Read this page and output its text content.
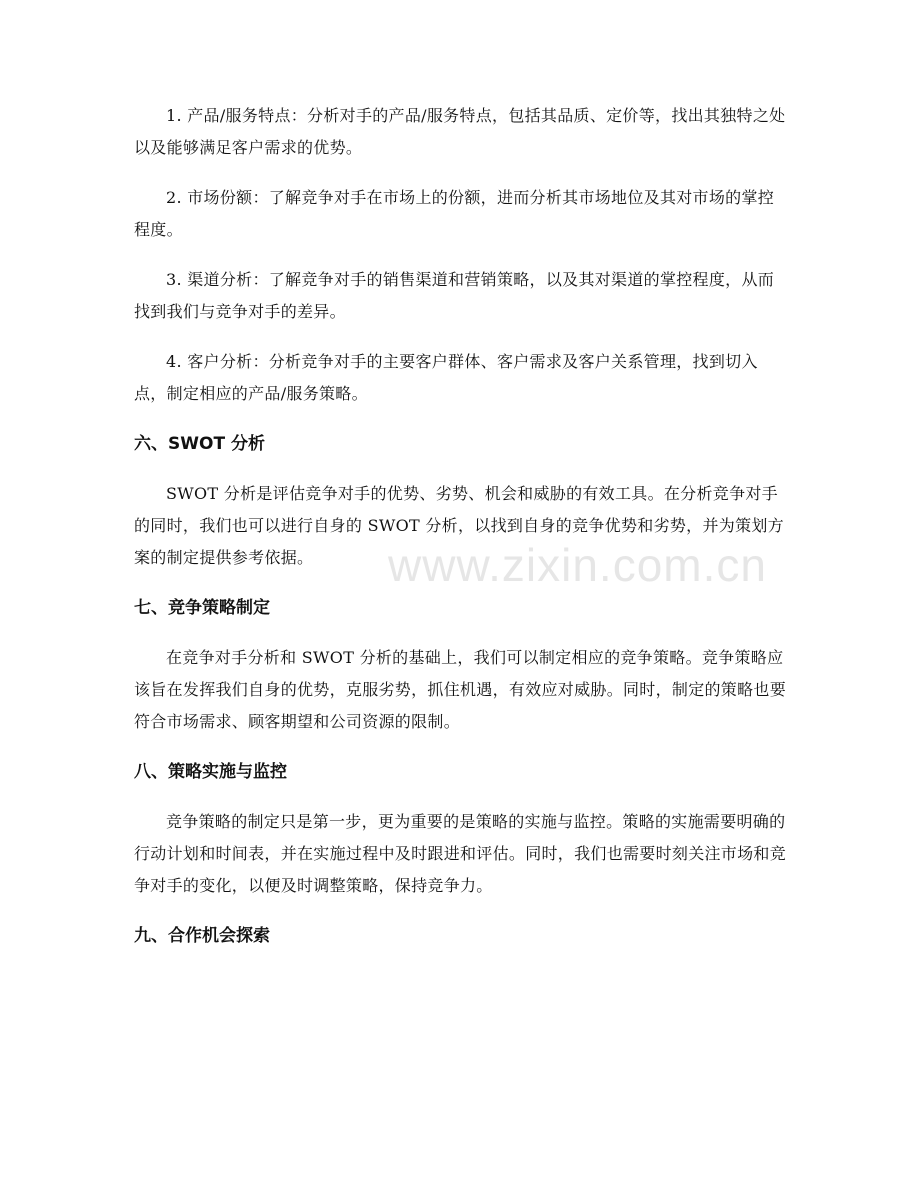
1. 产品/服务特点：分析对手的产品/服务特点，包括其品质、定价等，找出其独特之处以及能够满足客户需求的优势。

2. 市场份额：了解竞争对手在市场上的份额，进而分析其市场地位及其对市场的掌控程度。

3. 渠道分析：了解竞争对手的销售渠道和营销策略，以及其对渠道的掌控程度，从而找到我们与竞争对手的差异。

4. 客户分析：分析竞争对手的主要客户群体、客户需求及客户关系管理，找到切入点，制定相应的产品/服务策略。

六、SWOT 分析

SWOT 分析是评估竞争对手的优势、劣势、机会和威胁的有效工具。在分析竞争对手的同时，我们也可以进行自身的 SWOT 分析，以找到自身的竞争优势和劣势，并为策划方案的制定提供参考依据。

七、竞争策略制定

在竞争对手分析和 SWOT 分析的基础上，我们可以制定相应的竞争策略。竞争策略应该旨在发挥我们自身的优势，克服劣势，抓住机遇，有效应对威胁。同时，制定的策略也要符合市场需求、顾客期望和公司资源的限制。

八、策略实施与监控

竞争策略的制定只是第一步，更为重要的是策略的实施与监控。策略的实施需要明确的行动计划和时间表，并在实施过程中及时跟进和评估。同时，我们也需要时刻关注市场和竞争对手的变化，以便及时调整策略，保持竞争力。

九、合作机会探索
www.zixin.com.cn
